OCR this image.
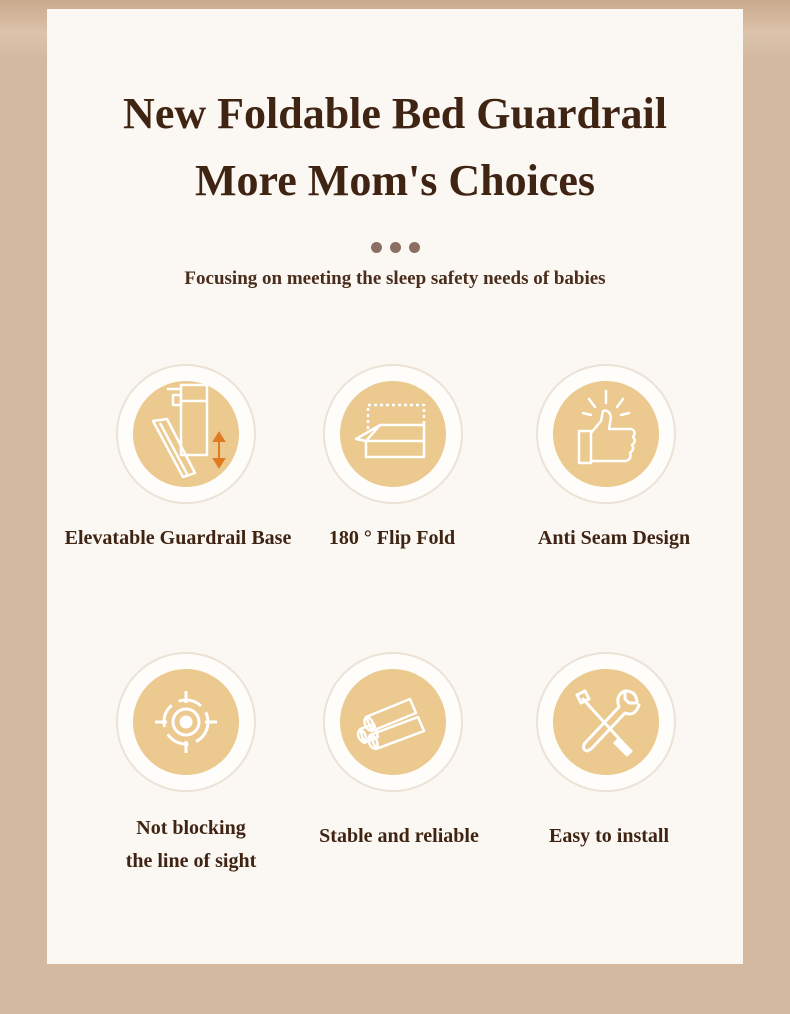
New Foldable Bed Guardrail
More Mom's Choices
Focusing on meeting the sleep safety needs of babies
Elevatable Guardrail Base	180 ° Flip Fold	Anti Seam Design
Not blocking
the line of sight
Stable and reliable	Easy to install
